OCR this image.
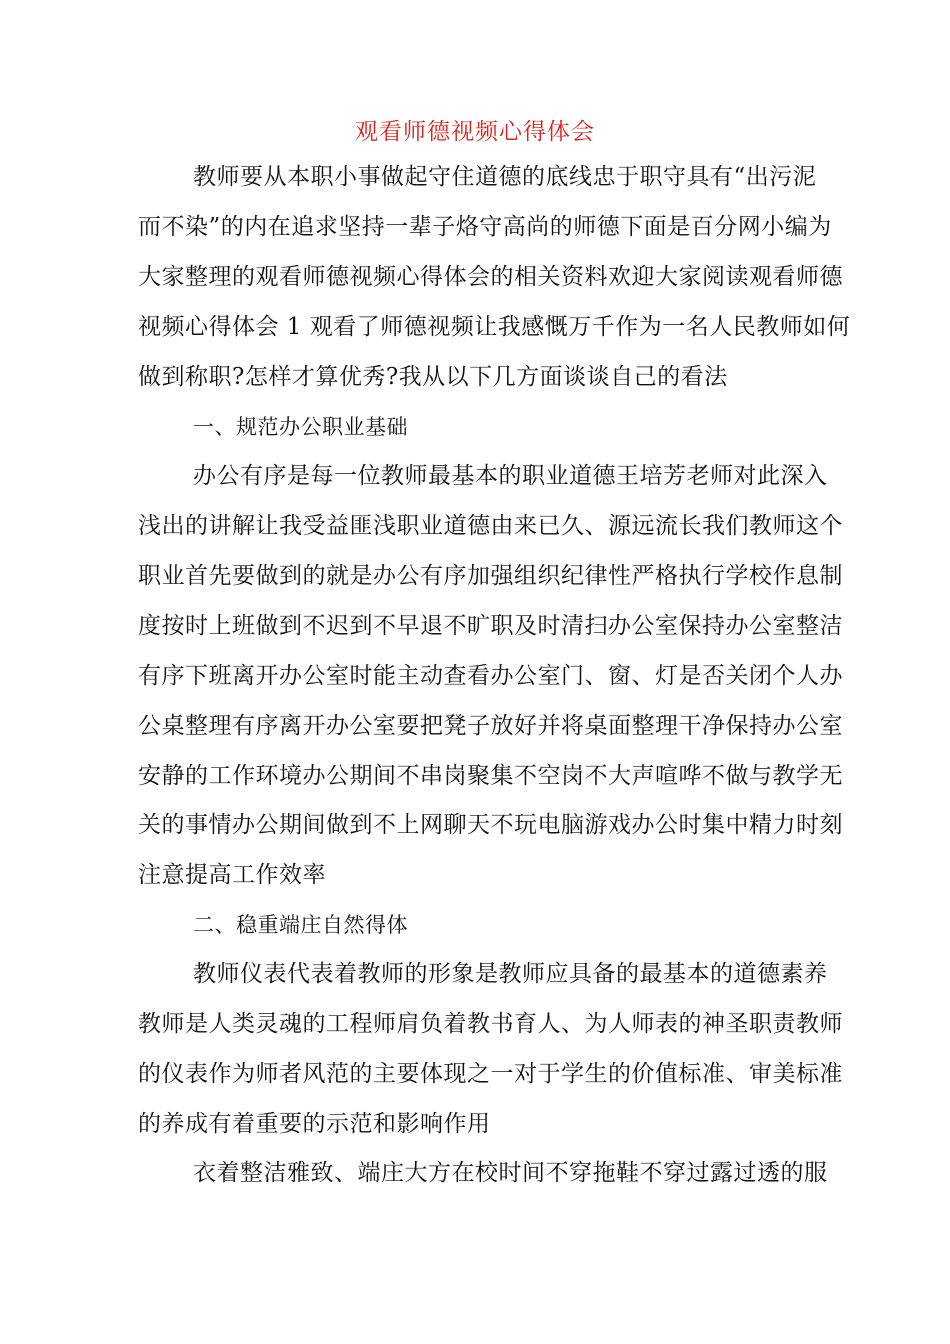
观看师德视频心得体会
教师要从本职小事做起守住道德的底线忠于职守具有“出污泥
而不染”的内在追求坚持一辈子烙守高尚的师德下面是百分网小编为
大家整理的观看师德视频心得体会的相关资料欢迎大家阅读观看师德
视频心得体会 1 观看了师德视频让我感慨万千作为一名人民教师如何
做到称职?怎样才算优秀?我从以下几方面谈谈自己的看法
一、规范办公职业基础
办公有序是每一位教师最基本的职业道德王培芳老师对此深入
浅出的讲解让我受益匪浅职业道德由来已久、源远流长我们教师这个
职业首先要做到的就是办公有序加强组织纪律性严格执行学校作息制
度按时上班做到不迟到不早退不旷职及时清扫办公室保持办公室整洁
有序下班离开办公室时能主动查看办公室门、窗、灯是否关闭个人办
公桌整理有序离开办公室要把凳子放好并将桌面整理干净保持办公室
安静的工作环境办公期间不串岗聚集不空岗不大声喧哗不做与教学无
关的事情办公期间做到不上网聊天不玩电脑游戏办公时集中精力时刻
注意提高工作效率
二、稳重端庄自然得体
教师仪表代表着教师的形象是教师应具备的最基本的道德素养
教师是人类灵魂的工程师肩负着教书育人、为人师表的神圣职责教师
的仪表作为师者风范的主要体现之一对于学生的价值标准、审美标准
的养成有着重要的示范和影响作用
衣着整洁雅致、端庄大方在校时间不穿拖鞋不穿过露过透的服
